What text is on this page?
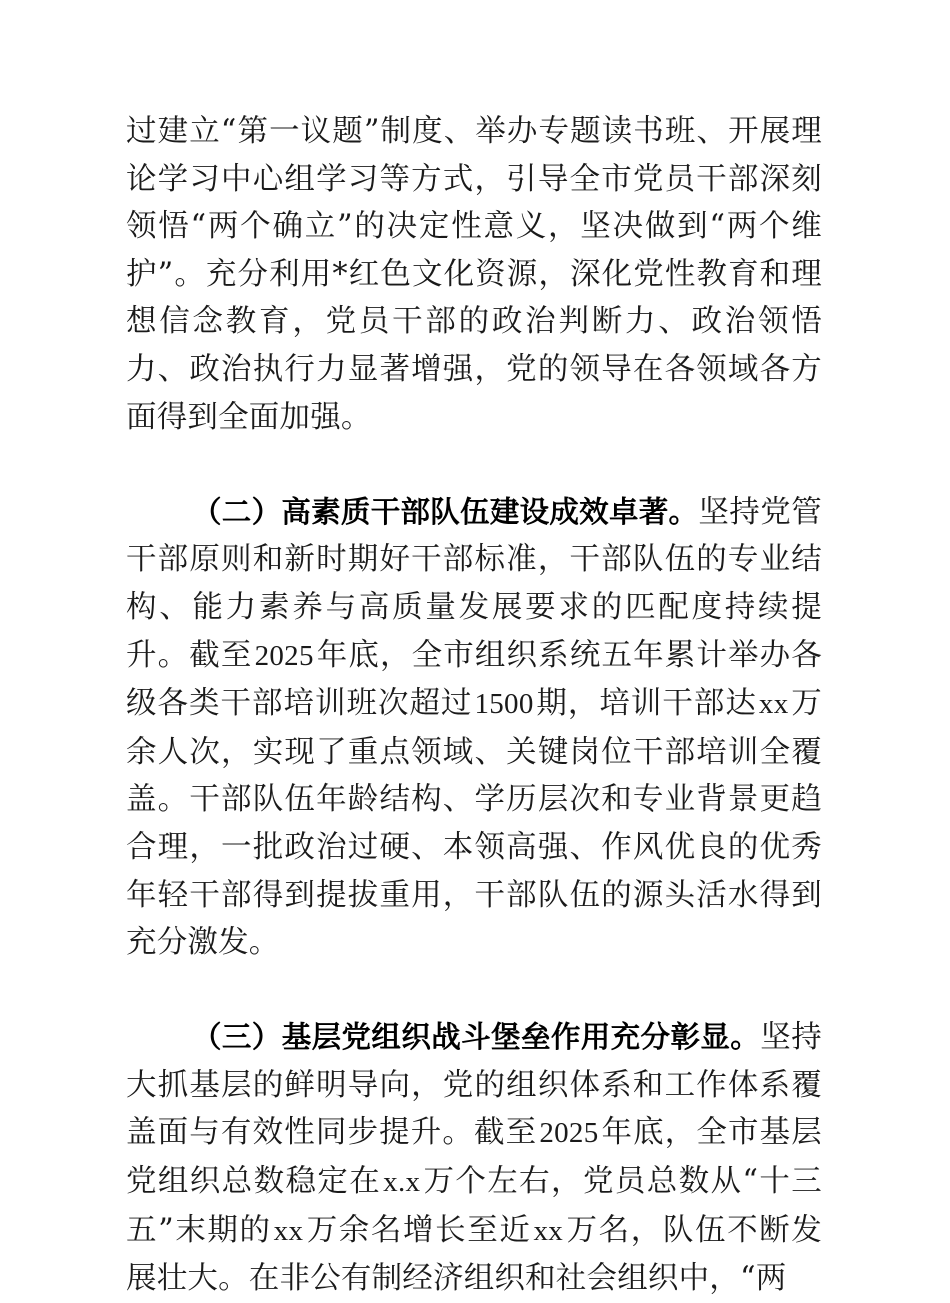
过建立“第一议题”制度、举办专题读书班、开展理论学习中心组学习等方式，引导全市党员干部深刻领悟“两个确立”的决定性意义，坚决做到“两个维护”。充分利用*红色文化资源，深化党性教育和理想信念教育，党员干部的政治判断力、政治领悟力、政治执行力显著增强，党的领导在各领域各方面得到全面加强。

（二）高素质干部队伍建设成效卓著。坚持党管干部原则和新时期好干部标准，干部队伍的专业结构、能力素养与高质量发展要求的匹配度持续提升。截至2025年底，全市组织系统五年累计举办各级各类干部培训班次超过1500期，培训干部达xx万余人次，实现了重点领域、关键岗位干部培训全覆盖。干部队伍年龄结构、学历层次和专业背景更趋合理，一批政治过硬、本领高强、作风优良的优秀年轻干部得到提拔重用，干部队伍的源头活水得到充分激发。

（三）基层党组织战斗堡垒作用充分彰显。坚持大抓基层的鲜明导向，党的组织体系和工作体系覆盖面与有效性同步提升。截至2025年底，全市基层党组织总数稳定在x.x万个左右，党员总数从“十三五”末期的xx万余名增长至近xx万名，队伍不断发展壮大。在非公有制经济组织和社会组织中，“两
